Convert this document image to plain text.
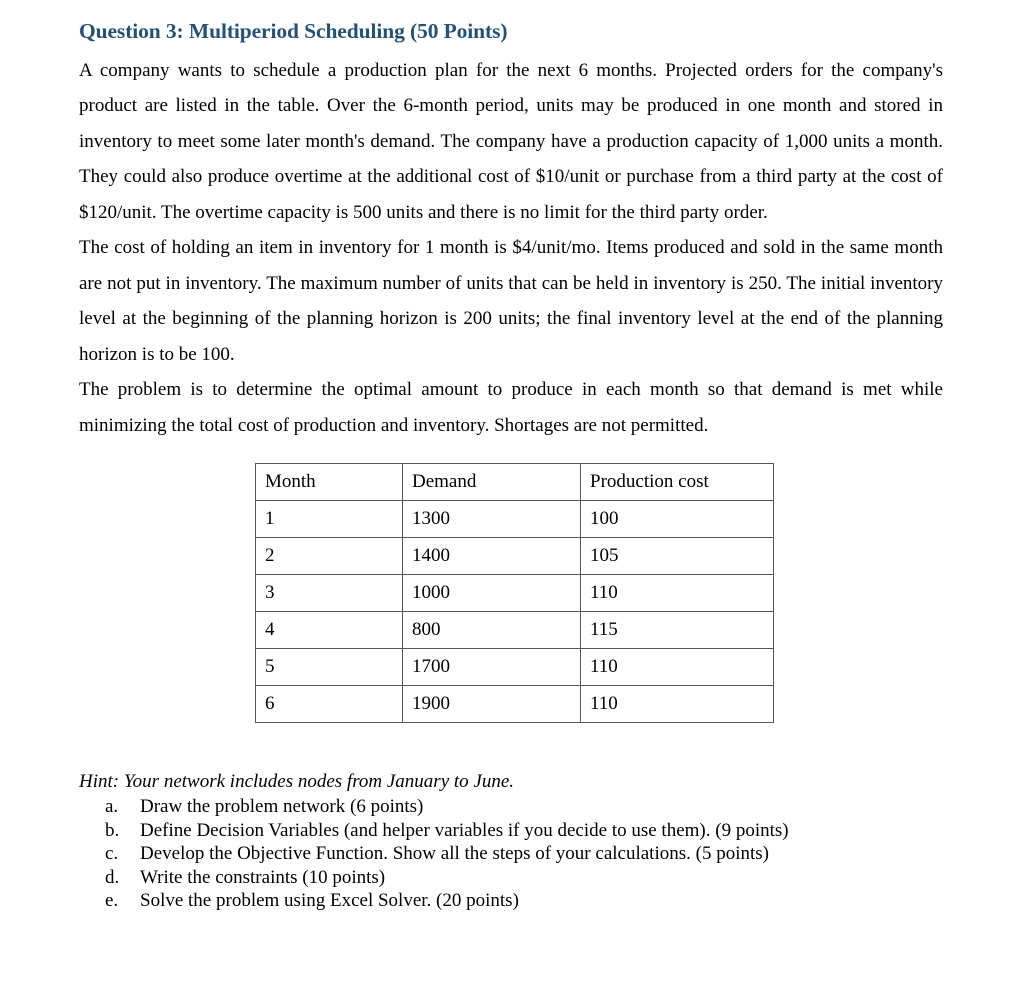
Question 3: Multiperiod Scheduling (50 Points)

A company wants to schedule a production plan for the next 6 months. Projected orders for the company's product are listed in the table. Over the 6-month period, units may be produced in one month and stored in inventory to meet some later month's demand. The company have a production capacity of 1,000 units a month. They could also produce overtime at the additional cost of $10/unit or purchase from a third party at the cost of $120/unit. The overtime capacity is 500 units and there is no limit for the third party order.

The cost of holding an item in inventory for 1 month is $4/unit/mo. Items produced and sold in the same month are not put in inventory. The maximum number of units that can be held in inventory is 250. The initial inventory level at the beginning of the planning horizon is 200 units; the final inventory level at the end of the planning horizon is to be 100.

The problem is to determine the optimal amount to produce in each month so that demand is met while minimizing the total cost of production and inventory. Shortages are not permitted.

Month	Demand	Production cost
1	1300	100
2	1400	105
3	1000	110
4	800	115
5	1700	110
6	1900	110
Hint: Your network includes nodes from January to June.
a.	Draw the problem network (6 points)
b.	Define Decision Variables (and helper variables if you decide to use them). (9 points)
c.	Develop the Objective Function. Show all the steps of your calculations. (5 points)
d.	Write the constraints (10 points)
e.	Solve the problem using Excel Solver. (20 points)
